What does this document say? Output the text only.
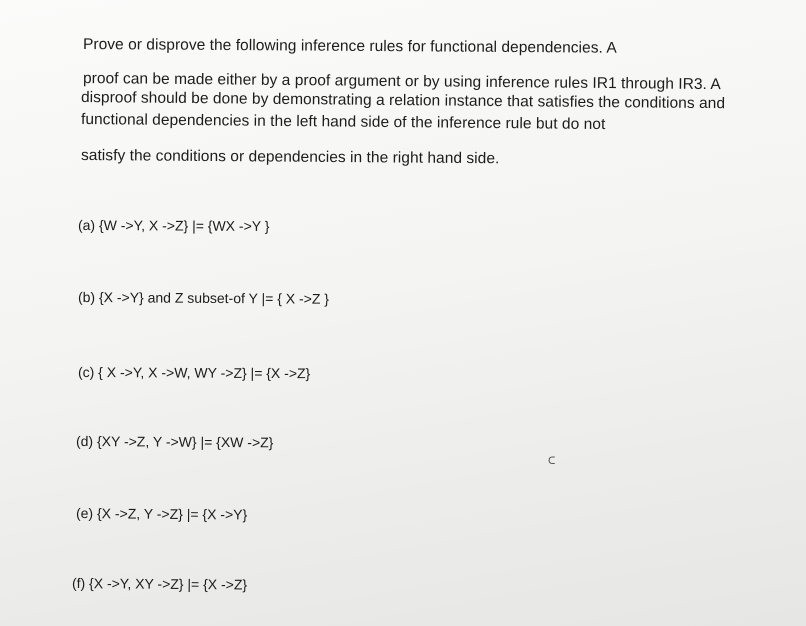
Prove or disprove the following inference rules for functional dependencies. A
proof can be made either by a proof argument or by using inference rules IR1 through IR3. A
disproof should be done by demonstrating a relation instance that satisfies the conditions and
functional dependencies in the left hand side of the inference rule but do not
satisfy the conditions or dependencies in the right hand side.
(a) {W ->Y, X ->Z} |= {WX ->Y }
(b) {X ->Y} and Z subset-of Y |= { X ->Z }
(c) { X ->Y, X ->W, WY ->Z} |= {X ->Z}
(d) {XY ->Z, Y ->W} |= {XW ->Z}
(e) {X ->Z, Y ->Z} |= {X ->Y}
(f) {X ->Y, XY ->Z} |= {X ->Z}
ᑕ
